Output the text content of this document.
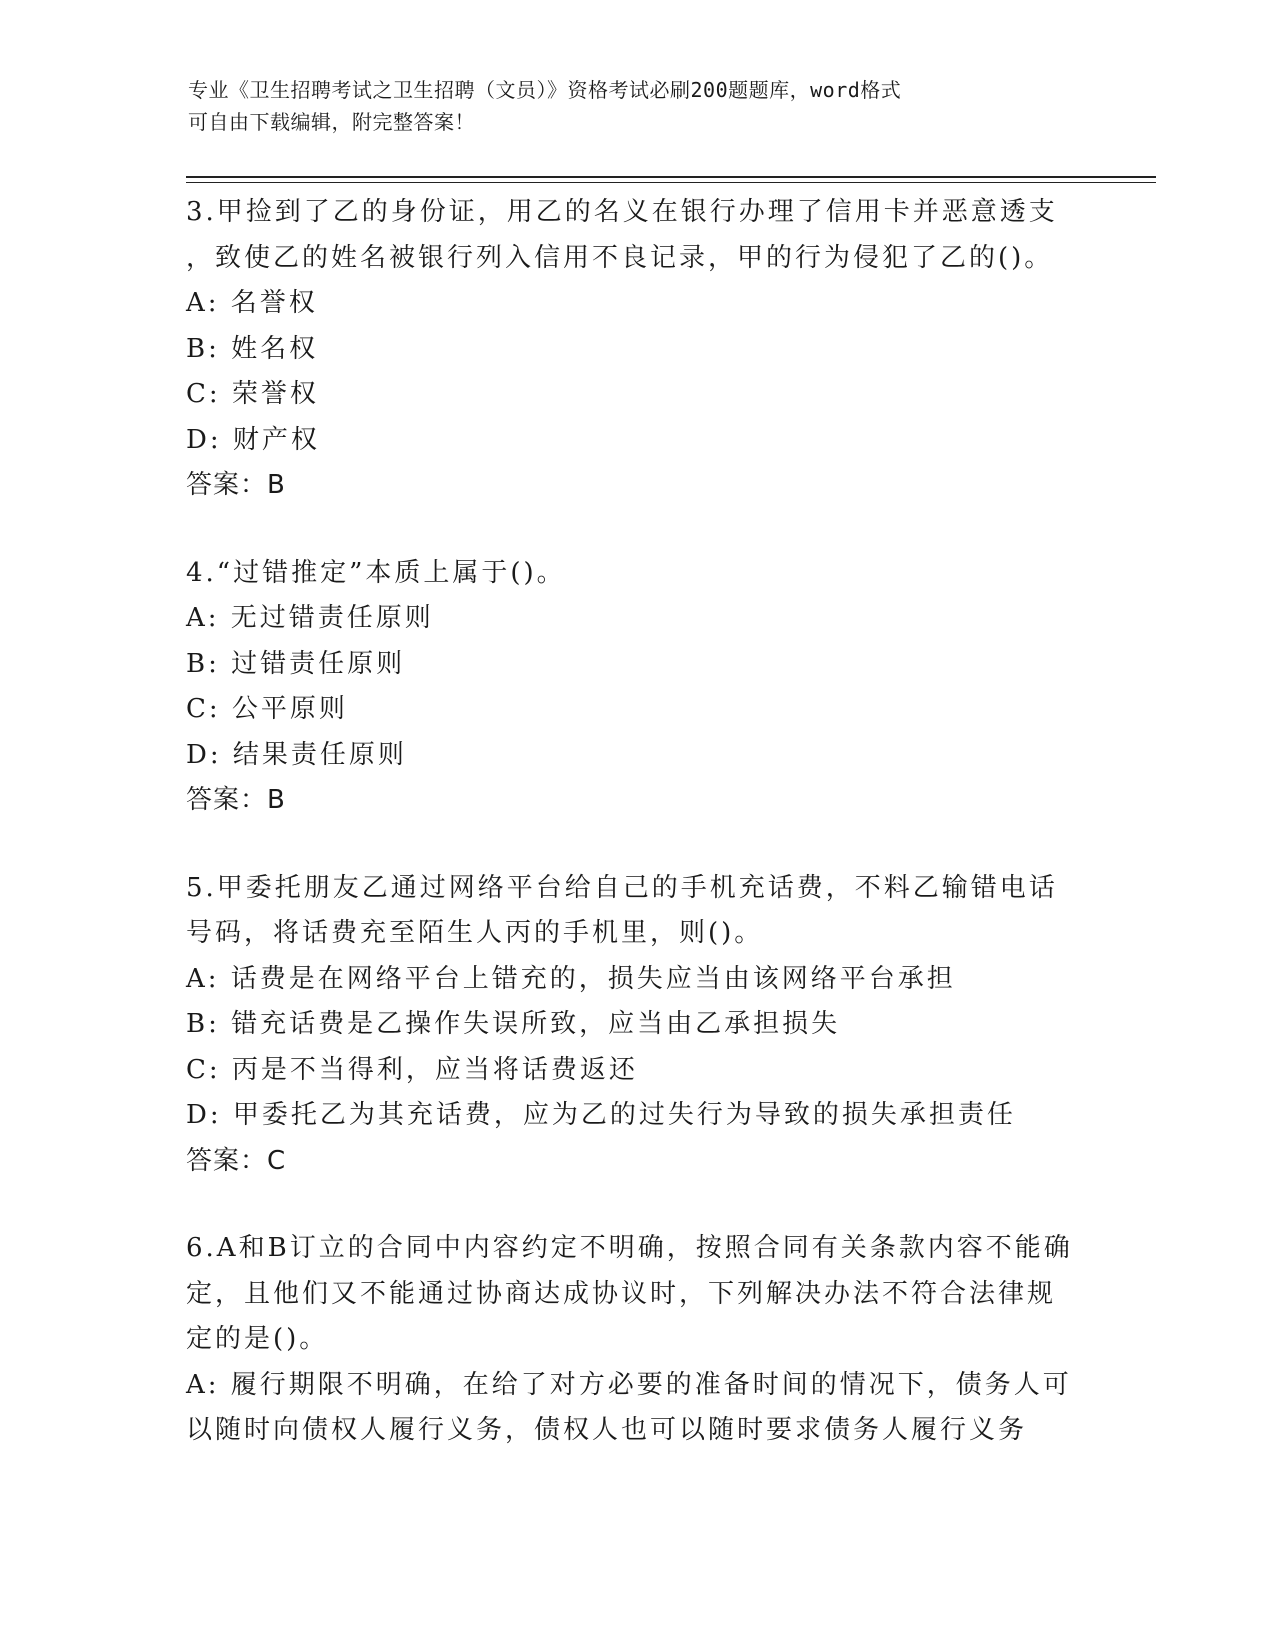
专业《卫生招聘考试之卫生招聘（文员）》资格考试必刷200题题库，word格式
可自由下载编辑，附完整答案！
3.甲捡到了乙的身份证，用乙的名义在银行办理了信用卡并恶意透支
，致使乙的姓名被银行列入信用不良记录，甲的行为侵犯了乙的()。
A: 名誉权
B: 姓名权
C: 荣誉权
D: 财产权
答案：B
4.“过错推定”本质上属于()。
A: 无过错责任原则
B: 过错责任原则
C: 公平原则
D: 结果责任原则
答案：B
5.甲委托朋友乙通过网络平台给自己的手机充话费，不料乙输错电话
号码，将话费充至陌生人丙的手机里，则()。
A: 话费是在网络平台上错充的，损失应当由该网络平台承担
B: 错充话费是乙操作失误所致，应当由乙承担损失
C: 丙是不当得利，应当将话费返还
D: 甲委托乙为其充话费，应为乙的过失行为导致的损失承担责任
答案：C
6.A和B订立的合同中内容约定不明确，按照合同有关条款内容不能确
定，且他们又不能通过协商达成协议时，下列解决办法不符合法律规
定的是()。
A: 履行期限不明确，在给了对方必要的准备时间的情况下，债务人可
以随时向债权人履行义务，债权人也可以随时要求债务人履行义务
